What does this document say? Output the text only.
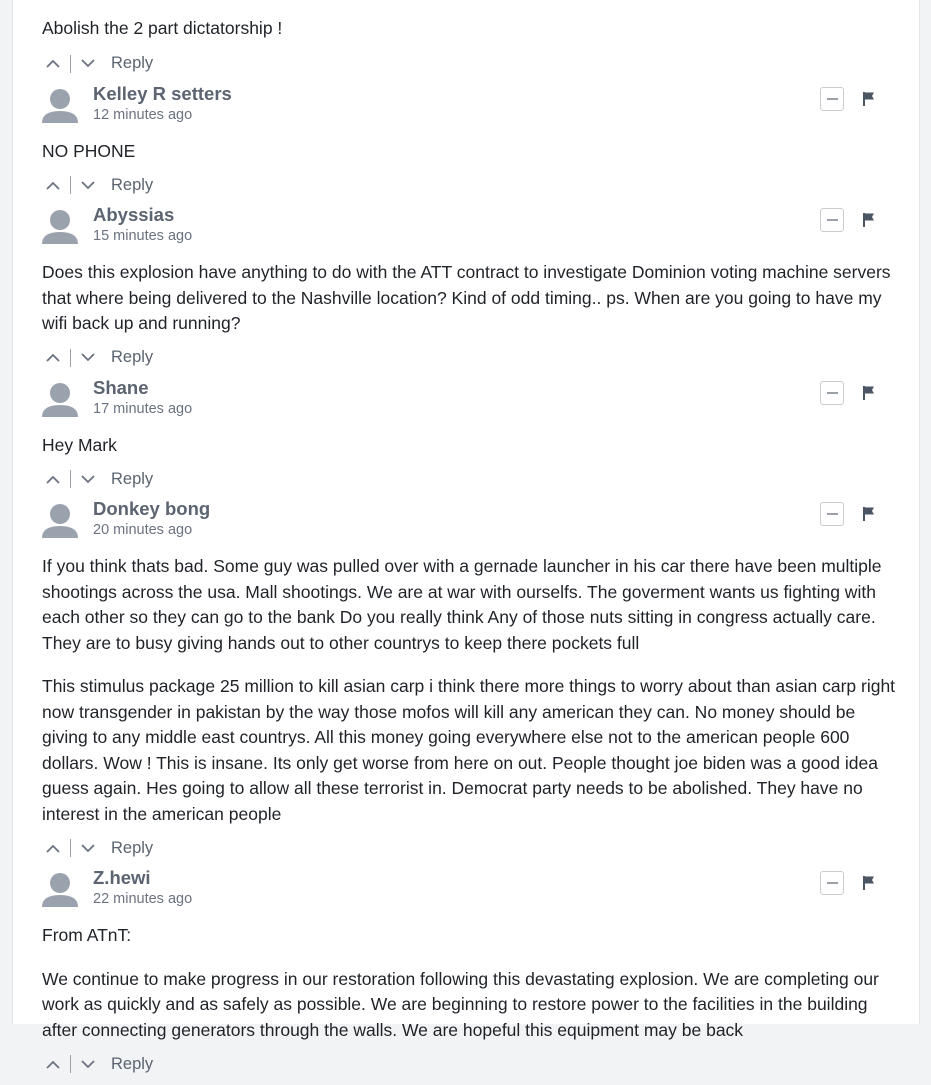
Abolish the 2 part dictatorship !

Reply
Kelley R setters
12 minutes ago

NO PHONE

Reply
Abyssias
15 minutes ago

Does this explosion have anything to do with the ATT contract to investigate Dominion voting machine servers that where being delivered to the Nashville location? Kind of odd timing.. ps. When are you going to have my wifi back up and running?

Reply
Shane
17 minutes ago

Hey Mark

Reply
Donkey bong
20 minutes ago

If you think thats bad. Some guy was pulled over with a gernade launcher in his car there have been multiple shootings across the usa. Mall shootings. We are at war with ourselfs. The goverment wants us fighting with each other so they can go to the bank Do you really think Any of those nuts sitting in congress actually care. They are to busy giving hands out to other countrys to keep there pockets full

This stimulus package 25 million to kill asian carp i think there more things to worry about than asian carp right now transgender in pakistan by the way those mofos will kill any american they can. No money should be giving to any middle east countrys. All this money going everywhere else not to the american people 600 dollars. Wow ! This is insane. Its only get worse from here on out. People thought joe biden was a good idea guess again. Hes going to allow all these terrorist in. Democrat party needs to be abolished. They have no interest in the american people

Reply
Z.hewi
22 minutes ago

From ATnT:

We continue to make progress in our restoration following this devastating explosion. We are completing our work as quickly and as safely as possible. We are beginning to restore power to the facilities in the building after connecting generators through the walls. We are hopeful this equipment may be back

Reply
